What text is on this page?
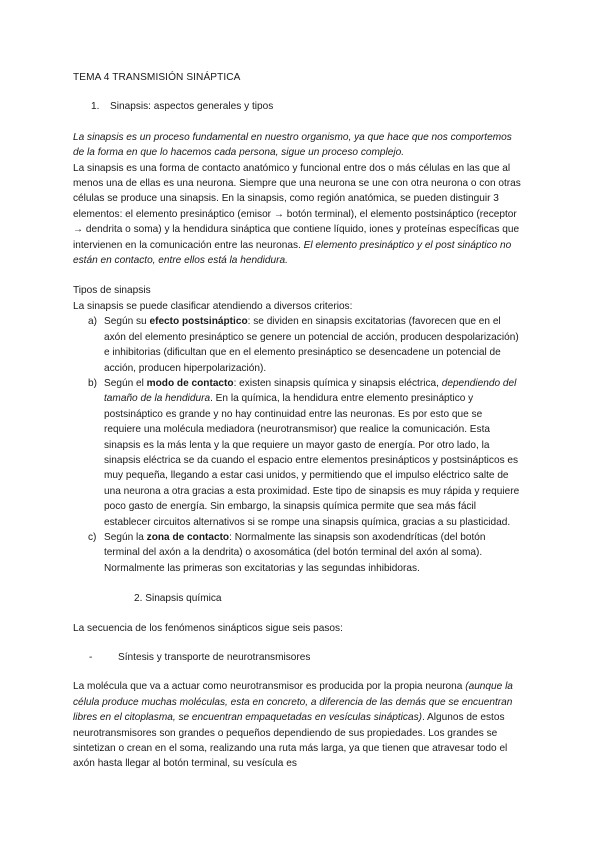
TEMA 4 TRANSMISIÓN SINÁPTICA
1. Sinapsis: aspectos generales y tipos

La sinapsis es un proceso fundamental en nuestro organismo, ya que hace que nos comportemos de la forma en que lo hacemos cada persona, sigue un proceso complejo.

La sinapsis es una forma de contacto anatómico y funcional entre dos o más células en las que al menos una de ellas es una neurona. Siempre que una neurona se une con otra neurona o con otras células se produce una sinapsis. En la sinapsis, como región anatómica, se pueden distinguir 3 elementos: el elemento presináptico (emisor → botón terminal), el elemento postsináptico (receptor → dendrita o soma) y la hendidura sináptica que contiene líquido, iones y proteínas específicas que intervienen en la comunicación entre las neuronas. El elemento presináptico y el post sináptico no están en contacto, entre ellos está la hendidura.

Tipos de sinapsis

La sinapsis se puede clasificar atendiendo a diversos criterios:

a) Según su efecto postsináptico: se dividen en sinapsis excitatorias (favorecen que en el axón del elemento presináptico se genere un potencial de acción, producen despolarización) e inhibitorias (dificultan que en el elemento presináptico se desencadene un potencial de acción, producen hiperpolarización).
b) Según el modo de contacto: existen sinapsis química y sinapsis eléctrica, dependiendo del tamaño de la hendidura. En la química, la hendidura entre elemento presináptico y postsináptico es grande y no hay continuidad entre las neuronas. Es por esto que se requiere una molécula mediadora (neurotransmisor) que realice la comunicación. Esta sinapsis es la más lenta y la que requiere un mayor gasto de energía. Por otro lado, la sinapsis eléctrica se da cuando el espacio entre elementos presinápticos y postsinápticos es muy pequeña, llegando a estar casi unidos, y permitiendo que el impulso eléctrico salte de una neurona a otra gracias a esta proximidad. Este tipo de sinapsis es muy rápida y requiere poco gasto de energía. Sin embargo, la sinapsis química permite que sea más fácil establecer circuitos alternativos si se rompe una sinapsis química, gracias a su plasticidad.
c) Según la zona de contacto: Normalmente las sinapsis son axodendríticas (del botón terminal del axón a la dendrita) o axosomática (del botón terminal del axón al soma). Normalmente las primeras son excitatorias y las segundas inhibidoras.
2. Sinapsis química

La secuencia de los fenómenos sinápticos sigue seis pasos:

-	Síntesis y transporte de neurotransmisores

La molécula que va a actuar como neurotransmisor es producida por la propia neurona (aunque la célula produce muchas moléculas, esta en concreto, a diferencia de las demás que se encuentran libres en el citoplasma, se encuentran empaquetadas en vesículas sinápticas). Algunos de estos neurotransmisores son grandes o pequeños dependiendo de sus propiedades. Los grandes se sintetizan o crean en el soma, realizando una ruta más larga, ya que tienen que atravesar todo el axón hasta llegar al botón terminal, su vesícula es
